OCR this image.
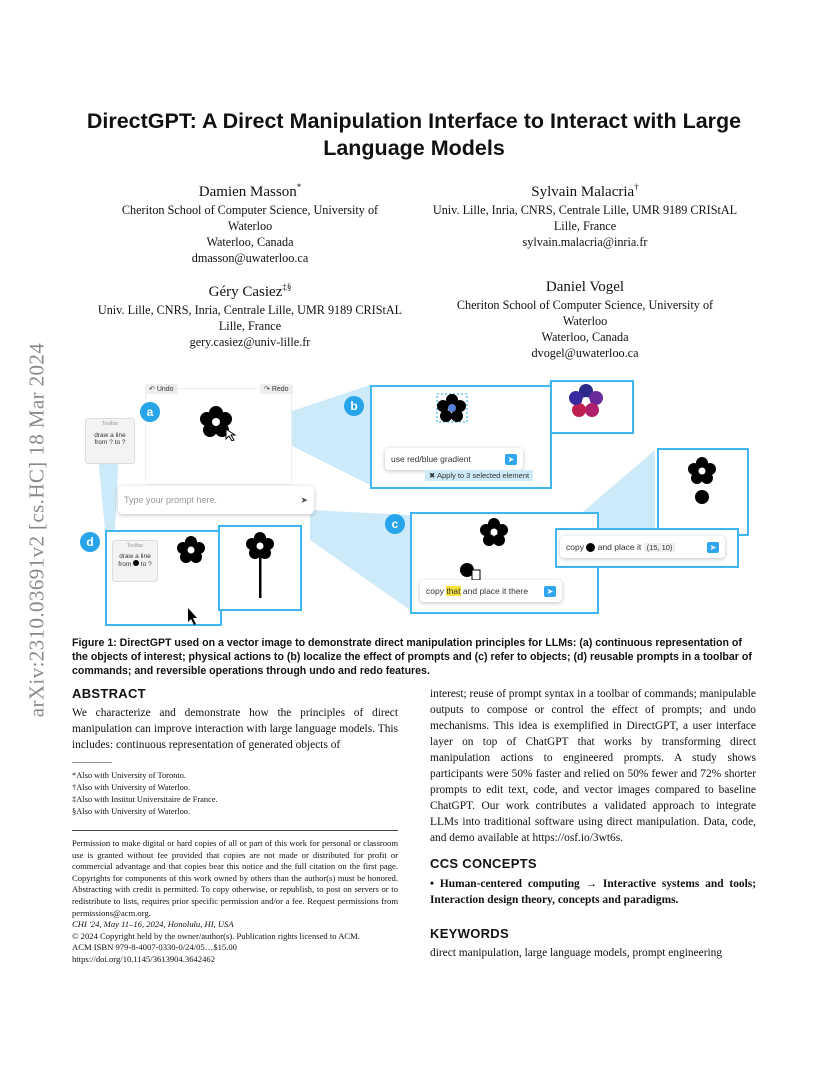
arXiv:2310.03691v2 [cs.HC] 18 Mar 2024
DirectGPT: A Direct Manipulation Interface to Interact with Large Language Models
Damien Masson*
Cheriton School of Computer Science, University of
Waterloo
Waterloo, Canada
dmasson@uwaterloo.ca
Sylvain Malacria†
Univ. Lille, Inria, CNRS, Centrale Lille, UMR 9189 CRIStAL
Lille, France
sylvain.malacria@inria.fr
Géry Casiez‡§
Univ. Lille, CNRS, Inria, Centrale Lille, UMR 9189 CRIStAL
Lille, France
gery.casiez@univ-lille.fr
Daniel Vogel
Cheriton School of Computer Science, University of
Waterloo
Waterloo, Canada
dvogel@uwaterloo.ca
↶ Undo	↷ Redo
a
Toolbar
draw a line from ? to ?
Type your prompt here.	➤
b
use red/blue gradient	➤
✖ Apply to 3 selected element
c
copy
that
and place it there	➤
copy

and place it
(15, 10)	➤
d	Toolbar
draw a line
from to ?
Figure 1: DirectGPT used on a vector image to demonstrate direct manipulation principles for LLMs: (a) continuous representation of the objects of interest; physical actions to (b) localize the effect of prompts and (c) refer to objects; (d) reusable prompts in a toolbar of commands; and reversible operations through undo and redo features.
ABSTRACT
We characterize and demonstrate how the principles of direct manipulation can improve interaction with large language models. This includes: continuous representation of generated objects of
*Also with University of Toronto.
†Also with University of Waterloo.
‡Also with Institut Universitaire de France.
§Also with University of Waterloo.
Permission to make digital or hard copies of all or part of this work for personal or classroom use is granted without fee provided that copies are not made or distributed for profit or commercial advantage and that copies bear this notice and the full citation on the first page. Copyrights for components of this work owned by others than the author(s) must be honored. Abstracting with credit is permitted. To copy otherwise, or republish, to post on servers or to redistribute to lists, requires prior specific permission and/or a fee. Request permissions from permissions@acm.org.
CHI '24, May 11–16, 2024, Honolulu, HI, USA
© 2024 Copyright held by the owner/author(s). Publication rights licensed to ACM.
ACM ISBN 979-8-4007-0330-0/24/05…$15.00
https://doi.org/10.1145/3613904.3642462
interest; reuse of prompt syntax in a toolbar of commands; manipulable outputs to compose or control the effect of prompts; and undo mechanisms. This idea is exemplified in DirectGPT, a user interface layer on top of ChatGPT that works by transforming direct manipulation actions to engineered prompts. A study shows participants were 50% faster and relied on 50% fewer and 72% shorter prompts to edit text, code, and vector images compared to baseline ChatGPT. Our work contributes a validated approach to integrate LLMs into traditional software using direct manipulation. Data, code, and demo available at https://osf.io/3wt6s.
CCS CONCEPTS
• Human-centered computing → Interactive systems and tools; Interaction design theory, concepts and paradigms.
KEYWORDS
direct manipulation, large language models, prompt engineering
